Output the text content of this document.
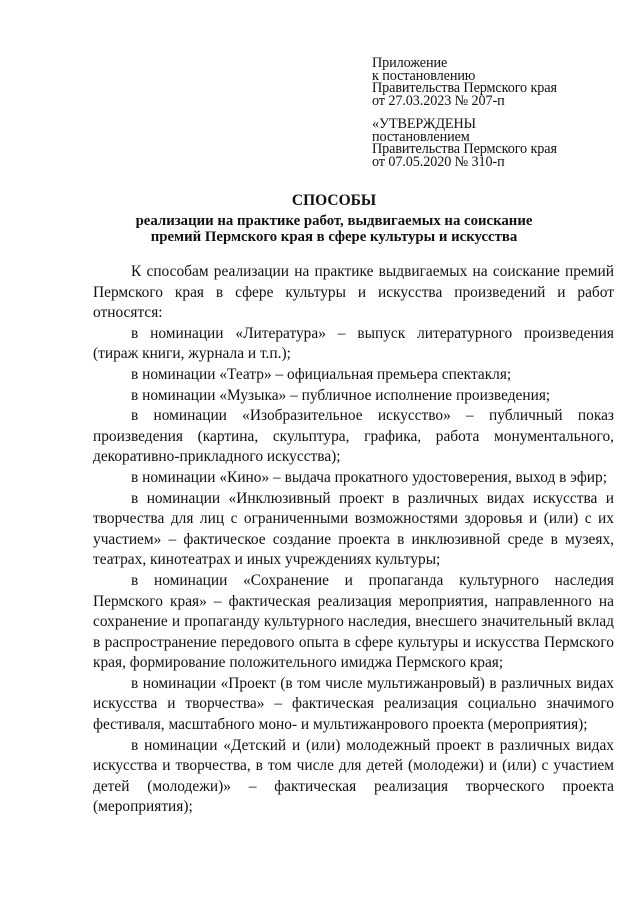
Приложение
к постановлению
Правительства Пермского края
от 27.03.2023 № 207-п
«УТВЕРЖДЕНЫ
постановлением
Правительства Пермского края
от 07.05.2020 № 310-п
СПОСОБЫ
реализации на практике работ, выдвигаемых на соискание
премий Пермского края в сфере культуры и искусства

К способам реализации на практике выдвигаемых на соискание премий Пермского края в сфере культуры и искусства произведений и работ относятся:

в номинации «Литература» – выпуск литературного произведения (тираж книги, журнала и т.п.);

в номинации «Театр» – официальная премьера спектакля;

в номинации «Музыка» – публичное исполнение произведения;

в номинации «Изобразительное искусство» – публичный показ произведения (картина, скульптура, графика, работа монументального, декоративно-прикладного искусства);

в номинации «Кино» – выдача прокатного удостоверения, выход в эфир;

в номинации «Инклюзивный проект в различных видах искусства и творчества для лиц с ограниченными возможностями здоровья и (или) с их участием» – фактическое создание проекта в инклюзивной среде в музеях, театрах, кинотеатрах и иных учреждениях культуры;

в номинации «Сохранение и пропаганда культурного наследия Пермского края» – фактическая реализация мероприятия, направленного на сохранение и пропаганду культурного наследия, внесшего значительный вклад в распространение передового опыта в сфере культуры и искусства Пермского края, формирование положительного имиджа Пермского края;

в номинации «Проект (в том числе мультижанровый) в различных видах искусства и творчества» – фактическая реализация социально значимого фестиваля, масштабного моно- и мультижанрового проекта (мероприятия);

в номинации «Детский и (или) молодежный проект в различных видах искусства и творчества, в том числе для детей (молодежи) и (или) с участием детей (молодежи)» – фактическая реализация творческого проекта (мероприятия);
